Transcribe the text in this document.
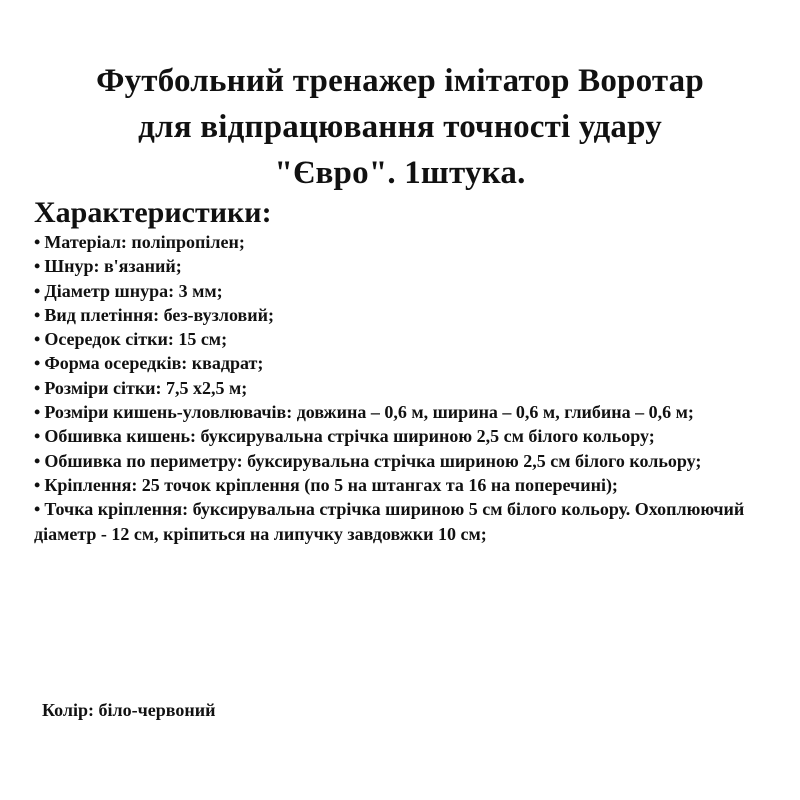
Футбольний тренажер імітатор Воротар
для відпрацювання точності удару
"Євро". 1штука.
Характеристики:
• Матеріал: поліпропілен;
• Шнур: в'язаний;
• Діаметр шнура: 3 мм;
• Вид плетіння: без-вузловий;
• Осередок сітки: 15 см;
• Форма осередків: квадрат;
• Розміри сітки: 7,5 х2,5 м;
• Розміри кишень-уловлювачів: довжина – 0,6 м, ширина – 0,6 м, глибина – 0,6 м;
• Обшивка кишень: буксирувальна стрічка шириною 2,5 см білого кольору;
• Обшивка по периметру: буксирувальна стрічка шириною 2,5 см білого кольору;
• Кріплення: 25 точок кріплення (по 5 на штангах та 16 на поперечині);
• Точка кріплення: буксирувальна стрічка шириною 5 см білого кольору. Охоплюючий діаметр - 12 см, кріпиться на липучку завдовжки 10 см;
Колір: біло-червоний
